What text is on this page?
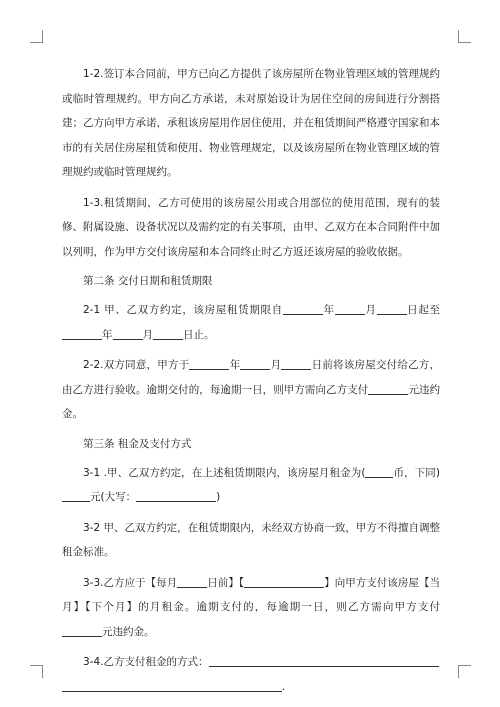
1-2.签订本合同前，甲方已向乙方提供了该房屋所在物业管理区域的管理规约或临时管理规约。甲方向乙方承诺，未对原始设计为居住空间的房间进行分割搭建；乙方向甲方承诺，承租该房屋用作居住使用，并在租赁期间严格遵守国家和本市的有关居住房屋租赁和使用、物业管理规定，以及该房屋所在物业管理区域的管理规约或临时管理规约。

1-3.租赁期间，乙方可使用的该房屋公用或合用部位的使用范围，现有的装修、附属设施、设备状况以及需约定的有关事项，由甲、乙双方在本合同附件中加以列明，作为甲方交付该房屋和本合同终止时乙方返还该房屋的验收依据。

第二条 交付日期和租赁期限

2-1 甲、乙双方约定，该房屋租赁期限自	年	月	日起至年	月	日止。

2-2.双方同意，甲方于	年	月	日前将该房屋交付给乙方，由乙方进行验收。逾期交付的，每逾期一日，则甲方需向乙方支付	元违约金。

第三条 租金及支付方式

3-1 .甲、乙双方约定，在上述租赁期限内，该房屋月租金为(	币，下同)元(大写：	)

3-2 甲、乙双方约定，在租赁期限内，未经双方协商一致，甲方不得擅自调整租金标准。

3-3.乙方应于【每月	日前】【	】向甲方支付该房屋【当月】【下个月】的月租金。逾期支付的，每逾期一日，则乙方需向甲方支付元违约金。

3-4.乙方支付租金的方式：

.
